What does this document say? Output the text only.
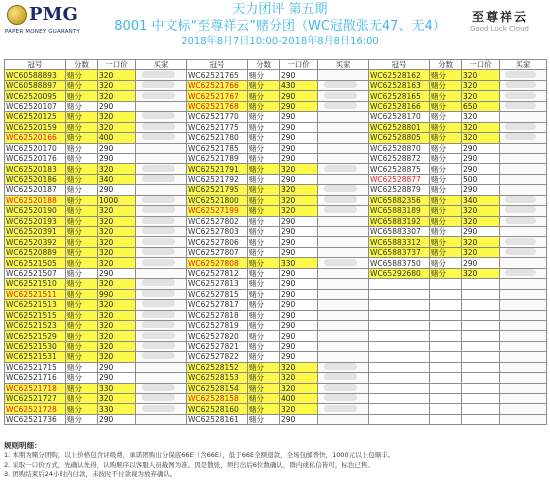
PMG
PAPER MONEY GUARANTY
天力团评 第五期
8001 中文标“至尊祥云”赌分团（WC冠散张无47、无4）
2018年8月7日10:00-2018年8月8日16:00
至尊祥云
Good Luck Cloud
冠号	分数	一口价	买家	冠号	分数	一口价	买家	冠号	分数	一口价	买家
WC60588893	赌分	320		WC62521765	赌分	290		WC62528162	赌分	320	
WC60588897	赌分	320		WC62521766	赌分	430		WC62528163	赌分	320	
WC62520095	赌分	320		WC62521767	赌分	290		WC62528165	赌分	320	
WC62520107	赌分	290		WC62521768	赌分	290		WC62528166	赌分	650	
WC62520125	赌分	320		WC62521770	赌分	290		WC62528170	赌分	320	
WC62520159	赌分	320		WC62521775	赌分	290		WC62528801	赌分	320	
WC62520166	赌分	400		WC62521780	赌分	290		WC62528805	赌分	320	
WC62520170	赌分	290		WC62521785	赌分	290		WC62528870	赌分	290	
WC62520176	赌分	290		WC62521789	赌分	290		WC62528872	赌分	290	
WC62520183	赌分	320		WC62521791	赌分	320		WC62528875	赌分	290	
WC62520186	赌分	340		WC62521792	赌分	290		WC62528877	赌分	500	
WC62520187	赌分	290		WC62521795	赌分	320		WC62528879	赌分	290	
WC62520188	赌分	1000		WC62521800	赌分	320		WC65882356	赌分	340	
WC62520190	赌分	320		WC62527199	赌分	320		WC65883189	赌分	320	
WC62520193	赌分	320		WC62527802	赌分	290		WC65883192	赌分	320	
WC62520391	赌分	320		WC62527803	赌分	290		WC65883307	赌分	290	
WC62520392	赌分	320		WC62527806	赌分	290		WC65883312	赌分	320	
WC62520889	赌分	320		WC62527807	赌分	290		WC65883737	赌分	320	
WC62521505	赌分	320		WC62527808	赌分	330		WC65883750	赌分	290	
WC62521507	赌分	290		WC62527812	赌分	290		WC65292680	赌分	320	
WC62521510	赌分	320		WC62527813	赌分	290					
WC62521511	赌分	990		WC62527815	赌分	290					
WC62521513	赌分	320		WC62527817	赌分	290					
WC62521515	赌分	320		WC62527818	赌分	290					
WC62521523	赌分	320		WC62527819	赌分	290					
WC62521529	赌分	320		WC62527820	赌分	290					
WC62521530	赌分	320		WC62527821	赌分	290					
WC62521531	赌分	320		WC62527822	赌分	290					
WC62521715	赌分	290		WC62528152	赌分	320					
WC62521716	赌分	290		WC62528153	赌分	320					
WC62521718	赌分	330		WC62528154	赌分	320					
WC62521727	赌分	320		WC62528158	赌分	400					
WC62521728	赌分	330		WC62528160	赌分	320					
WC62521736	赌分	290		WC62528161	赌分	290					
规则明细：
1. 本期为赌分团购，以上价格包含评级费，承诺团购出分保底66E（含66E），低于66E全额退款，全场包邮普快，1000元以上包顺丰。
2. 采取一口价方式，先确认先得，认购顺序以客服人员截图为准。因是散张，须打出后6位数确认，群内或私信皆可，标色已售。
3. 团购结束后24小时内付款，未按时不付款视为放弃确认。
